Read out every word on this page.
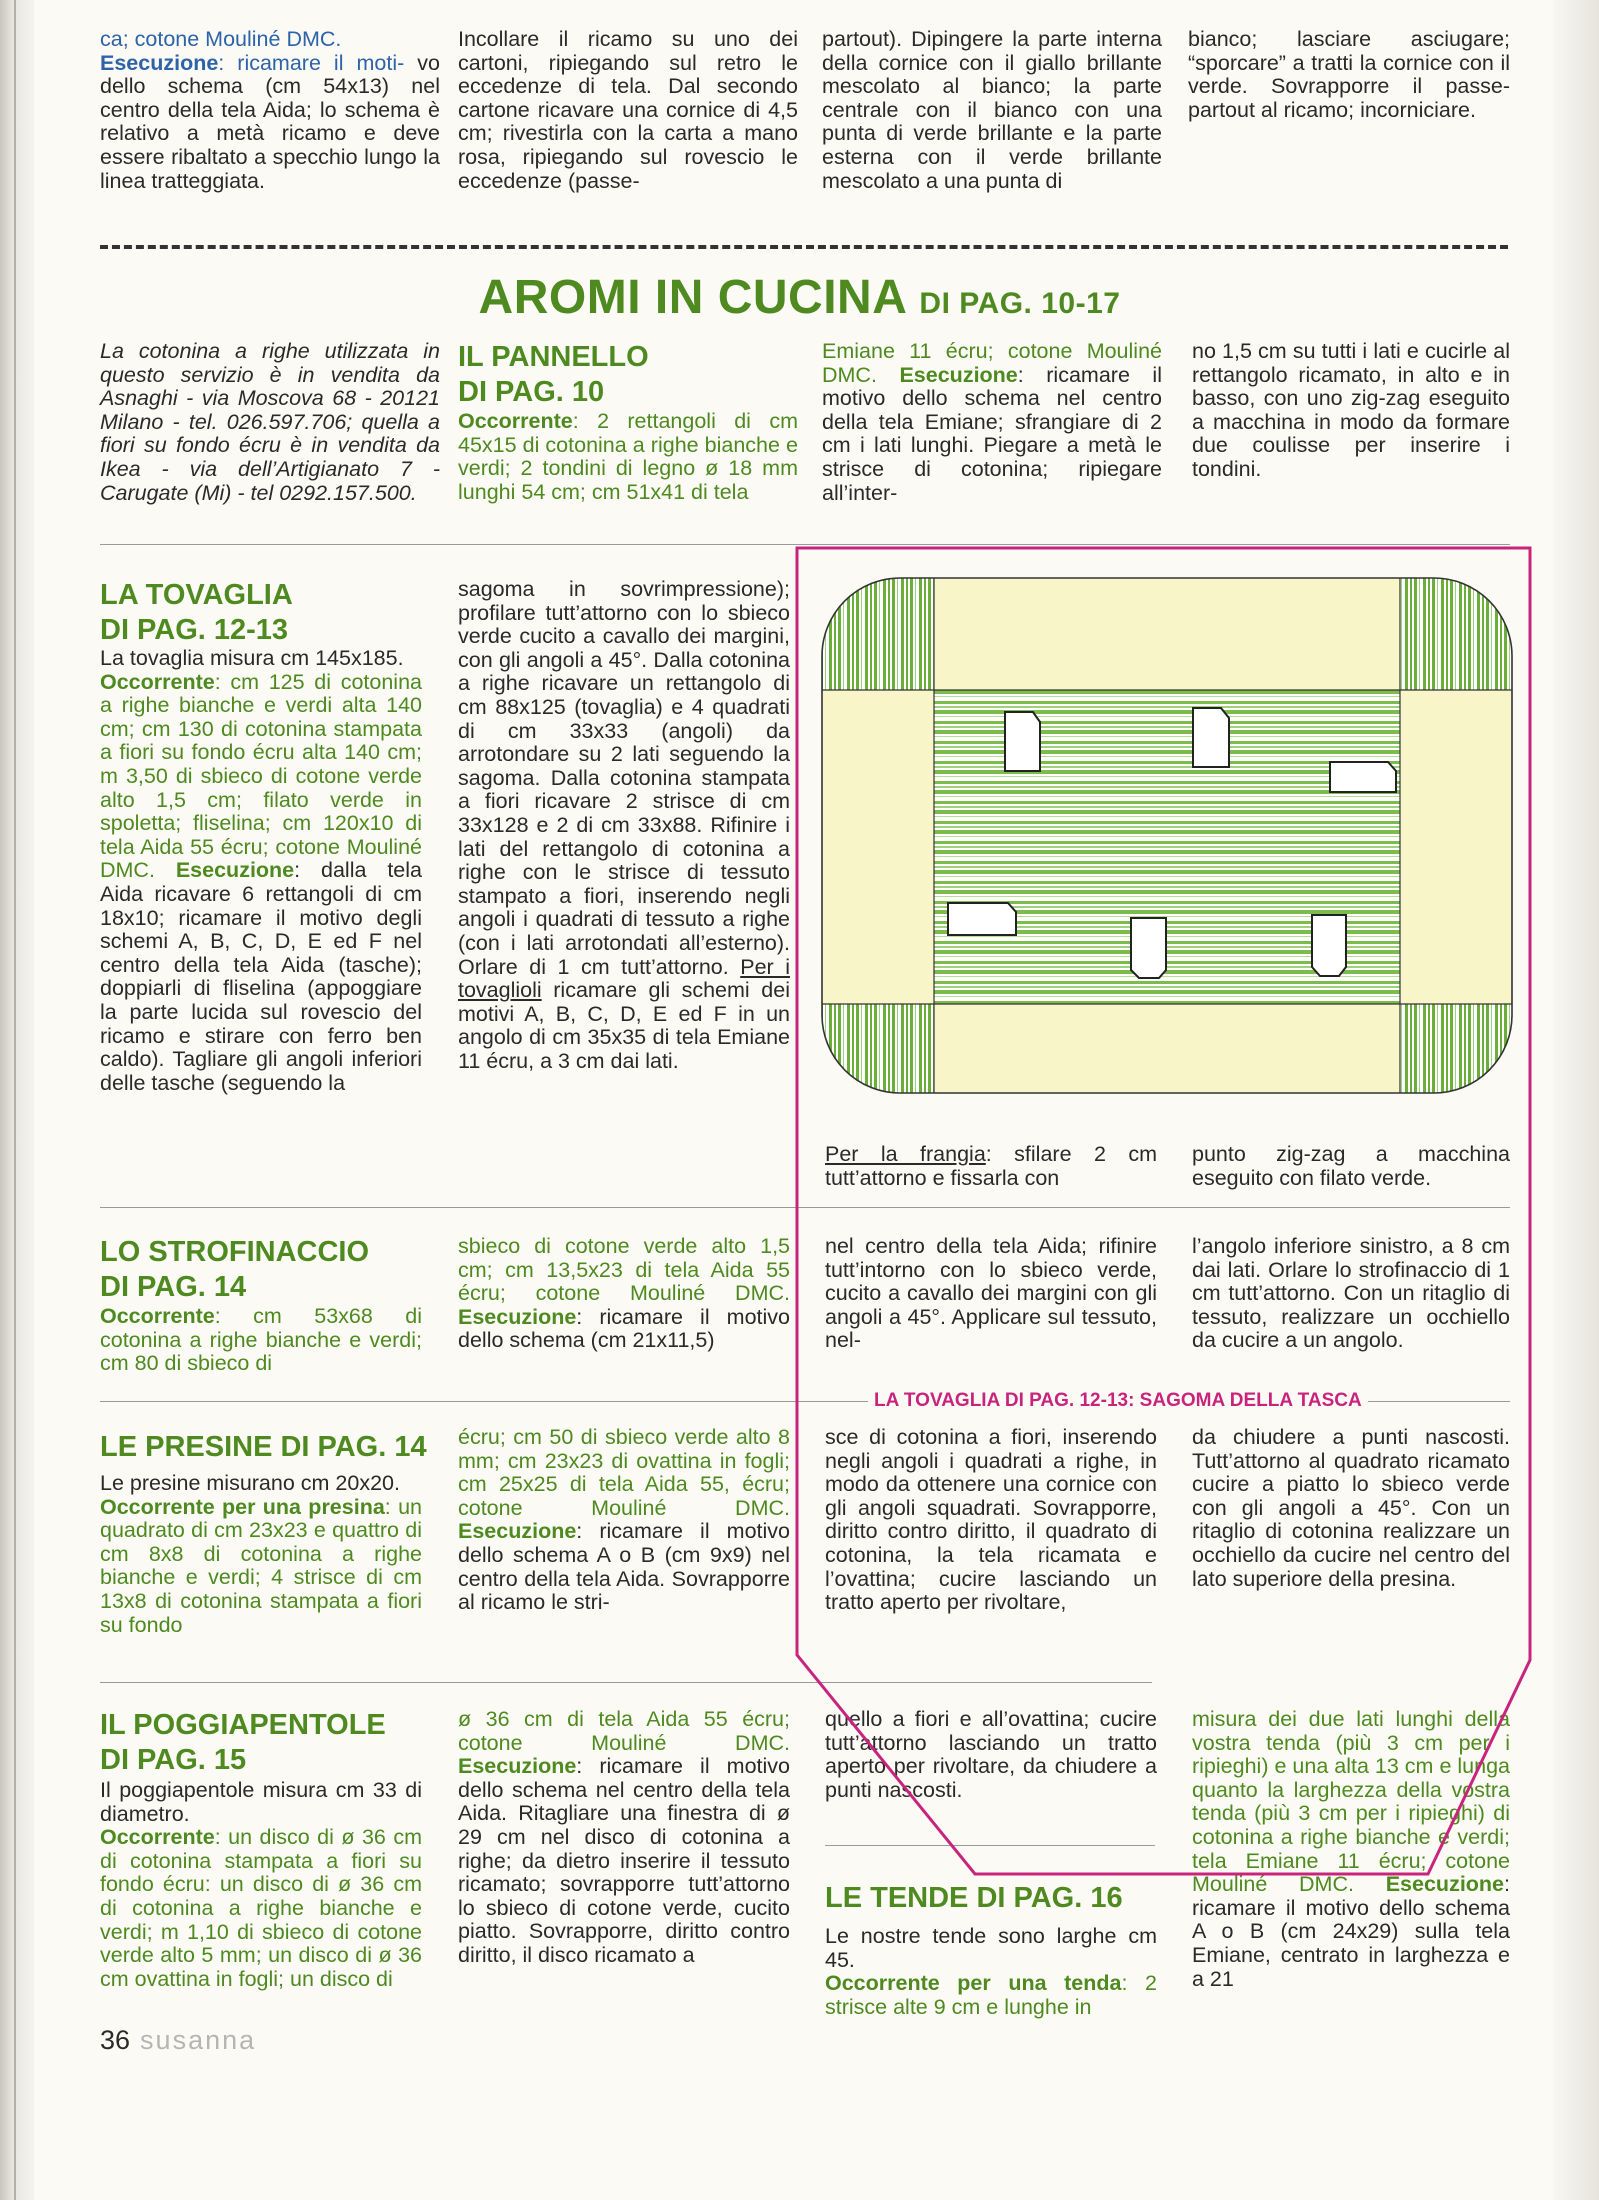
ca; cotone Mouliné DMC.
Esecuzione: ricamare il moti- vo dello schema (cm 54x13) nel centro della tela Aida; lo schema è relativo a metà ricamo e deve essere ribaltato a specchio lungo la linea tratteggiata.

Incollare il ricamo su uno dei cartoni, ripiegando sul retro le eccedenze di tela. Dal secondo cartone ricavare una cornice di 4,5 cm; rivestirla con la carta a mano rosa, ripiegando sul rovescio le eccedenze (passe-

partout). Dipingere la parte interna della cornice con il giallo brillante mescolato al bianco; la parte centrale con il bianco con una punta di verde brillante e la parte esterna con il verde brillante mescolato a una punta di

bianco; lasciare asciugare; “sporcare” a tratti la cornice con il verde. Sovrapporre il passe-partout al ricamo; incorniciare.

AROMI IN CUCINA DI PAG. 10-17

La cotonina a righe utilizzata in questo servizio è in vendita da Asnaghi - via Moscova 68 - 20121 Milano - tel. 026.597.706; quella a fiori su fondo écru è in vendita da Ikea - via dell’Artigianato 7 - Carugate (Mi) - tel 0292.157.500.

IL PANNELLO
DI PAG. 10

Occorrente: 2 rettangoli di cm 45x15 di cotonina a righe bianche e verdi; 2 tondini di legno ø 18 mm lunghi 54 cm; cm 51x41 di tela

Emiane 11 écru; cotone Mouliné DMC. Esecuzione: ricamare il motivo dello schema nel centro della tela Emiane; sfrangiare di 2 cm i lati lunghi. Piegare a metà le strisce di cotonina; ripiegare all’inter-

no 1,5 cm su tutti i lati e cucirle al rettangolo ricamato, in alto e in basso, con uno zig-zag eseguito a macchina in modo da formare due coulisse per inserire i tondini.

LA TOVAGLIA
DI PAG. 12-13

La tovaglia misura cm 145x185.
Occorrente: cm 125 di cotonina a righe bianche e verdi alta 140 cm; cm 130 di cotonina stampata a fiori su fondo écru alta 140 cm; m 3,50 di sbieco di cotone verde alto 1,5 cm; filato verde in spoletta; fliselina; cm 120x10 di tela Aida 55 écru; cotone Mouliné DMC. Esecuzione: dalla tela Aida ricavare 6 rettangoli di cm 18x10; ricamare il motivo degli schemi A, B, C, D, E ed F nel centro della tela Aida (tasche); doppiarli di fliselina (appoggiare la parte lucida sul rovescio del ricamo e stirare con ferro ben caldo). Tagliare gli angoli inferiori delle tasche (seguendo la

sagoma in sovrimpressione); profilare tutt’attorno con lo sbieco verde cucito a cavallo dei margini, con gli angoli a 45°. Dalla cotonina a righe ricavare un rettangolo di cm 88x125 (tovaglia) e 4 quadrati di cm 33x33 (angoli) da arrotondare su 2 lati seguendo la sagoma. Dalla cotonina stampata a fiori ricavare 2 strisce di cm 33x128 e 2 di cm 33x88. Rifinire i lati del rettangolo di cotonina a righe con le strisce di tessuto stampato a fiori, inserendo negli angoli i quadrati di tessuto a righe (con i lati arrotondati all’esterno). Orlare di 1 cm tutt’attorno. Per i tovaglioli ricamare gli schemi dei motivi A, B, C, D, E ed F in un angolo di cm 35x35 di tela Emiane 11 écru, a 3 cm dai lati.

Per la frangia: sfilare 2 cm tutt’attorno e fissarla con

punto zig-zag a macchina eseguito con filato verde.

LO STROFINACCIO
DI PAG. 14

Occorrente: cm 53x68 di cotonina a righe bianche e verdi; cm 80 di sbieco di

sbieco di cotone verde alto 1,5 cm; cm 13,5x23 di tela Aida 55 écru; cotone Mouliné DMC. Esecuzione: ricamare il motivo dello schema (cm 21x11,5)

nel centro della tela Aida; rifinire tutt’intorno con lo sbieco verde, cucito a cavallo dei margini con gli angoli a 45°. Applicare sul tessuto, nel-

l’angolo inferiore sinistro, a 8 cm dai lati. Orlare lo strofinaccio di 1 cm tutt’attorno. Con un ritaglio di tessuto, realizzare un occhiello da cucire a un angolo.

LA TOVAGLIA DI PAG. 12-13: SAGOMA DELLA TASCA
LE PRESINE DI PAG. 14

Le presine misurano cm 20x20.
Occorrente per una presina: un quadrato di cm 23x23 e quattro di cm 8x8 di cotonina a righe bianche e verdi; 4 strisce di cm 13x8 di cotonina stampata a fiori su fondo

écru; cm 50 di sbieco verde alto 8 mm; cm 23x23 di ovattina in fogli; cm 25x25 di tela Aida 55, écru; cotone Mouliné DMC. Esecuzione: ricamare il motivo dello schema A o B (cm 9x9) nel centro della tela Aida. Sovrapporre al ricamo le stri-

sce di cotonina a fiori, inserendo negli angoli i quadrati a righe, in modo da ottenere una cornice con gli angoli squadrati. Sovrapporre, diritto contro diritto, il quadrato di cotonina, la tela ricamata e l’ovattina; cucire lasciando un tratto aperto per rivoltare,

da chiudere a punti nascosti. Tutt’attorno al quadrato ricamato cucire a piatto lo sbieco verde con gli angoli a 45°. Con un ritaglio di cotonina realizzare un occhiello da cucire nel centro del lato superiore della presina.

IL POGGIAPENTOLE
DI PAG. 15

Il poggiapentole misura cm 33 di diametro.
Occorrente: un disco di ø 36 cm di cotonina stampata a fiori su fondo écru: un disco di ø 36 cm di cotonina a righe bianche e verdi; m 1,10 di sbieco di cotone verde alto 5 mm; un disco di ø 36 cm ovattina in fogli; un disco di

ø 36 cm di tela Aida 55 écru; cotone Mouliné DMC. Esecuzione: ricamare il motivo dello schema nel centro della tela Aida. Ritagliare una finestra di ø 29 cm nel disco di cotonina a righe; da dietro inserire il tessuto ricamato; sovrapporre tutt’attorno lo sbieco di cotone verde, cucito piatto. Sovrapporre, diritto contro diritto, il disco ricamato a

quello a fiori e all’ovattina; cucire tutt’attorno lasciando un tratto aperto per rivoltare, da chiudere a punti nascosti.

LE TENDE DI PAG. 16

Le nostre tende sono larghe cm 45.
Occorrente per una tenda: 2 strisce alte 9 cm e lunghe in

misura dei due lati lunghi della vostra tenda (più 3 cm per i ripieghi) e una alta 13 cm e lunga quanto la larghezza della vostra tenda (più 3 cm per i ripieghi) di cotonina a righe bianche e verdi; tela Emiane 11 écru; cotone Mouliné DMC. Esecuzione: ricamare il motivo dello schema A o B (cm 24x29) sulla tela Emiane, centrato in larghezza e a 21

36 susanna
